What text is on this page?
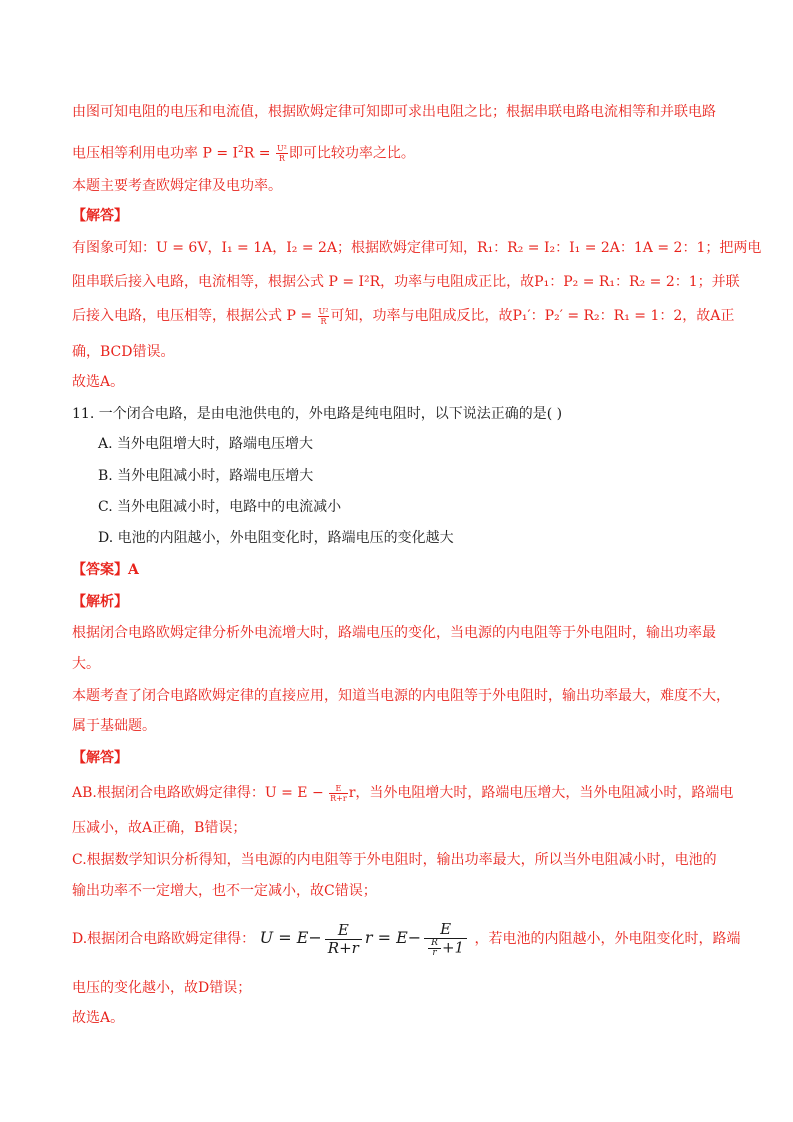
由图可知电阻的电压和电流值，根据欧姆定律可知即可求出电阻之比；根据串联电路电流相等和并联电路
电压相等利用电功率 $P = I^2R = \frac{\text{U²}}{R}$ 即可比较功率之比。
本题主要考查欧姆定律及电功率。
【解答】
有图象可知：U = 6V，I₁ = 1A，I₂ = 2A；根据欧姆定律可知，R₁：R₂ = I₂：I₁ = 2A：1A = 2：1；把两电
阻串联后接入电路，电流相等，根据公式 P = I²R，功率与电阻成正比，故P₁：P₂ = R₁：R₂ = 2：1；并联
后接入电路，电压相等，根据公式 $P = \frac{\text{U²}}{R}$ 可知，功率与电阻成反比，故P₁′：P₂′ = R₂：R₁ = 1：2，故A正
确，BCD错误。
故选A。
11. 一个闭合电路，是由电池供电的，外电路是纯电阻时，以下说法正确的是( )
A. 当外电阻增大时，路端电压增大
B. 当外电阻减小时，路端电压增大
C. 当外电阻减小时，电路中的电流减小
D. 电池的内阻越小，外电阻变化时，路端电压的变化越大
【答案】A
【解析】
根据闭合电路欧姆定律分析外电流增大时，路端电压的变化，当电源的内电阻等于外电阻时，输出功率最
大。
本题考查了闭合电路欧姆定律的直接应用，知道当电源的内电阻等于外电阻时，输出功率最大，难度不大，
属于基础题。
【解答】
AB.根据闭合电路欧姆定律得：$U = E - \frac{E}{R+r}$ r，当外电阻增大时，路端电压增大，当外电阻减小时，路端电
压减小，故A正确，B错误；
C.根据数学知识分析得知，当电源的内电阻等于外电阻时，输出功率最大，所以当外电阻减小时，电池的
输出功率不一定增大，也不一定减小，故C错误；
D.根据闭合电路欧姆定律得： $U = E- \frac{E}{R+r}$ $r = E- \frac{E}{\frac{R}{r} +1}$ ，若电池的内阻越小，外电阻变化时，路端
电压的变化越小，故D错误；
故选A。
